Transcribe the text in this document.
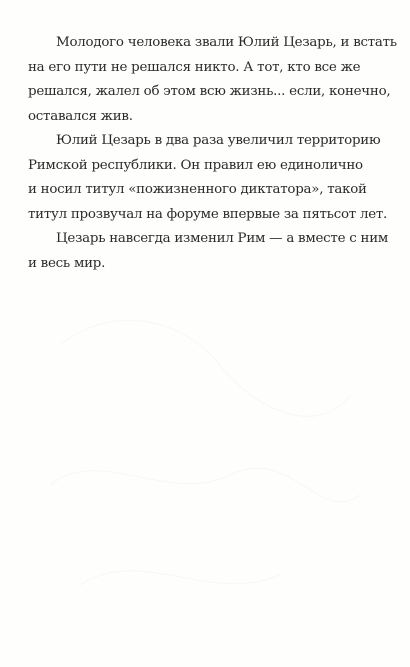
Молодого человека звали Юлий Цезарь, и встать
на его пути не решался никто. А тот, кто все же
решался, жалел об этом всю жизнь... если, конечно,
оставался жив.

Юлий Цезарь в два раза увеличил территорию
Римской республики. Он правил ею единолично
и носил титул «пожизненного диктатора», такой
титул прозвучал на форуме впервые за пятьсот лет.

Цезарь навсегда изменил Рим — а вместе с ним
и весь мир.
